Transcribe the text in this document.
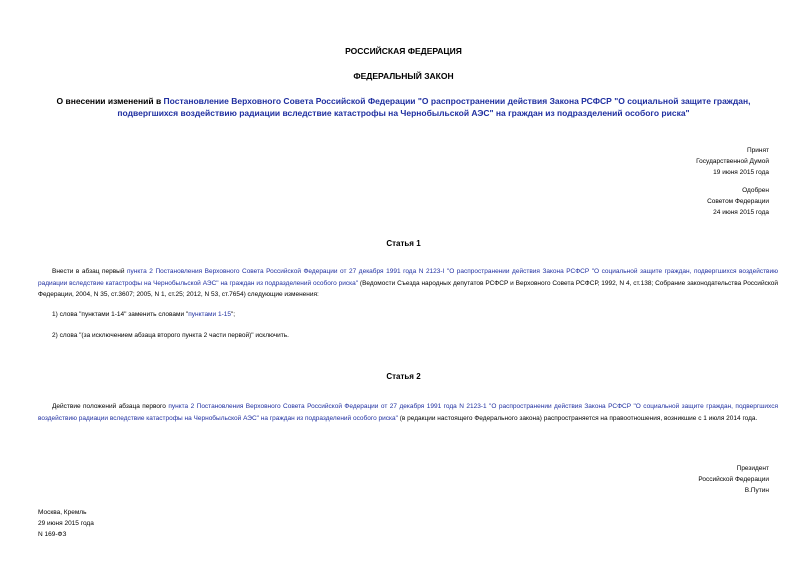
РОССИЙСКАЯ ФЕДЕРАЦИЯ
ФЕДЕРАЛЬНЫЙ ЗАКОН
О внесении изменений в Постановление Верховного Совета Российской Федерации "О распространении действия Закона РСФСР "О социальной защите граждан,
подвергшихся воздействию радиации вследствие катастрофы на Чернобыльской АЭС" на граждан из подразделений особого риска"
Принят
Государственной Думой
19 июня 2015 года
Одобрен
Советом Федерации
24 июня 2015 года
Статья 1
Внести в абзац первый пункта 2 Постановления Верховного Совета Российской Федерации от 27 декабря 1991 года N 2123-I "О распространении действия Закона РСФСР "О социальной защите граждан, подвергшихся воздействию радиации вследствие катастрофы на Чернобыльской АЭС" на граждан из подразделений особого риска" (Ведомости Съезда народных депутатов РСФСР и Верховного Совета РСФСР, 1992, N 4, ст.138; Собрание законодательства Российской Федерации, 2004, N 35, ст.3607; 2005, N 1, ст.25; 2012, N 53, ст.7654) следующие изменения:
1) слова "пунктами 1-14" заменить словами "пунктами 1-15";
2) слова "(за исключением абзаца второго пункта 2 части первой)" исключить.
Статья 2
Действие положений абзаца первого пункта 2 Постановления Верховного Совета Российской Федерации от 27 декабря 1991 года N 2123-1 "О распространении действия Закона РСФСР "О социальной защите граждан, подвергшихся воздействию радиации вследствие катастрофы на Чернобыльской АЭС" на граждан из подразделений особого риска" (в редакции настоящего Федерального закона) распространяется на правоотношения, возникшие с 1 июля 2014 года.
Президент
Российской Федерации
В.Путин
Москва, Кремль
29 июня 2015 года
N 169-ФЗ
